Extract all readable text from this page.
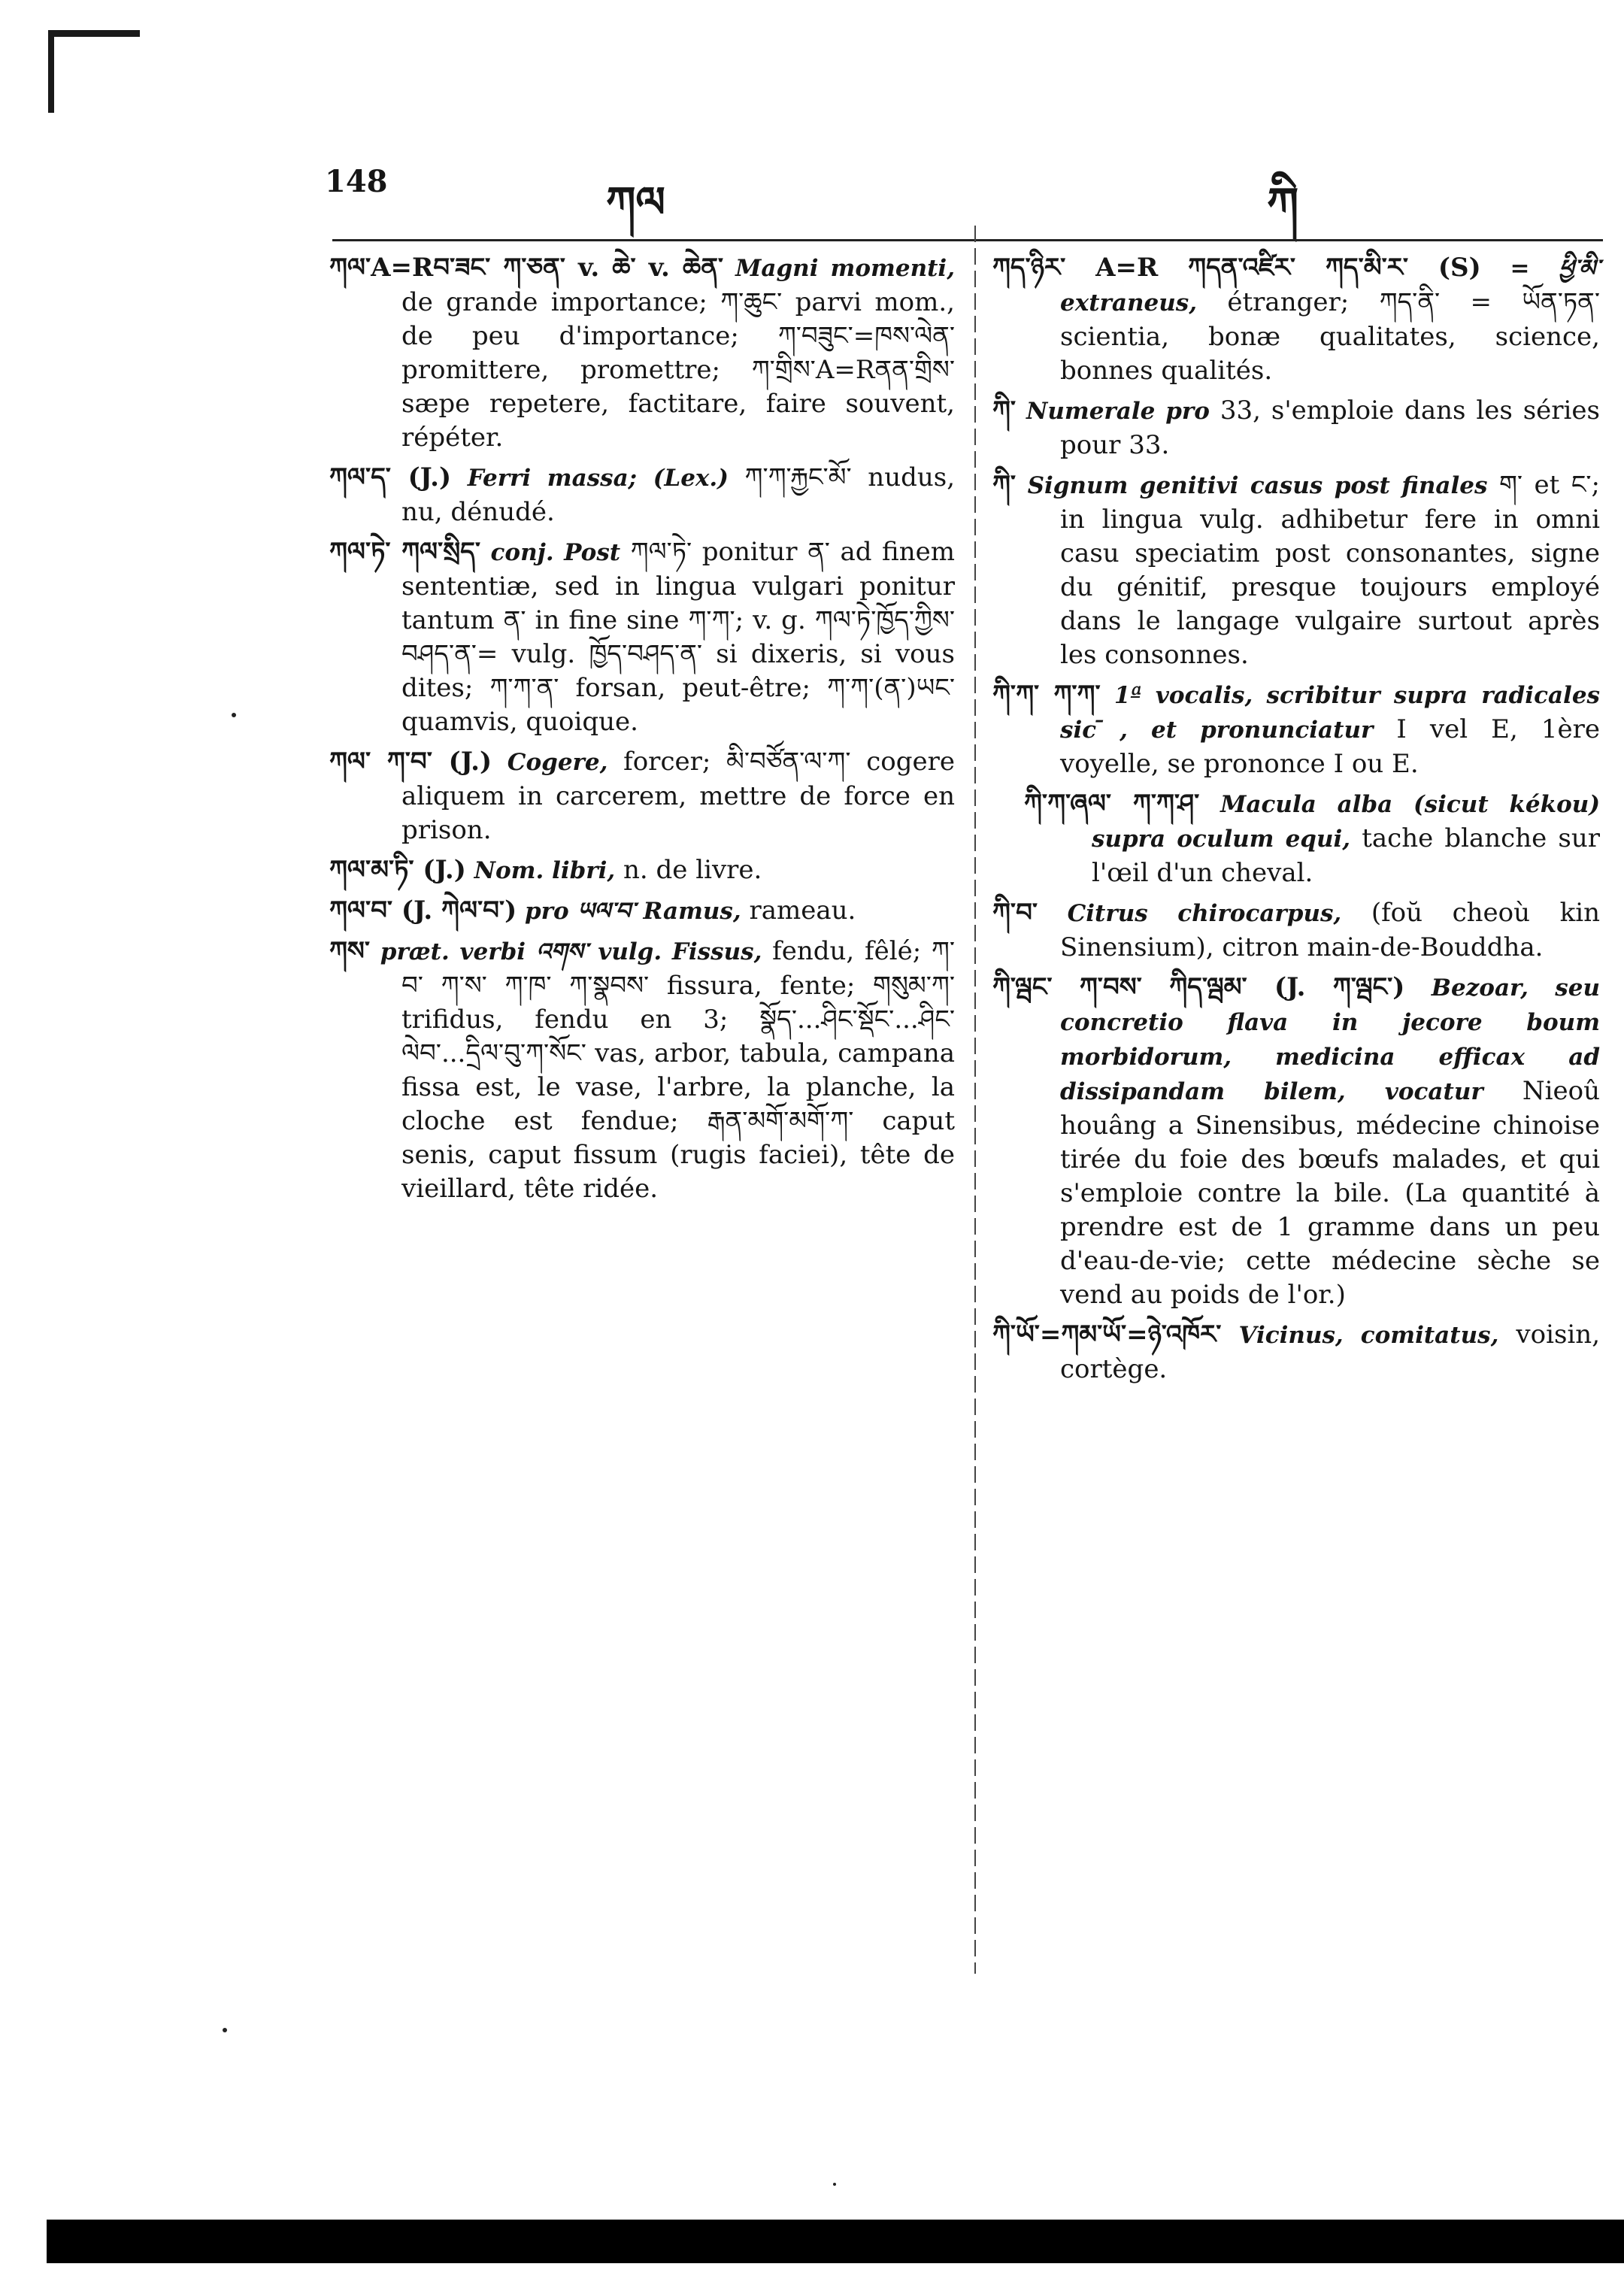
148	ཀལ	ཀི

ཀལ་A=Rབ་ཟང་ ཀ་ཅན་ v. ཆེ་ v. ཆེན་ Magni momenti, de grande importance; ཀ་ཆུང་ parvi mom., de peu d'importance; ཀ་བཟུང་=ཁས་ལེན་ promittere, promettre; ཀ་གྲིས་A=Rནན་གྲིས་ sæpe repetere, factitare, faire souvent, répéter.

ཀལ་ད་ (J.) Ferri massa; (Lex.) ཀ་ཀ་རྐྱང་མོ་ nudus, nu, dénudé.

ཀལ་ཏེ་ ཀལ་སྲིད་ conj. Post ཀལ་ཏེ་ ponitur ན་ ad finem sententiæ, sed in lingua vulgari ponitur tantum ན་ in fine sine ཀ་ཀ་; v. g. ཀལ་ཏེ་ཁྱོད་ཀྱིས་བཤད་ན་= vulg. ཁྱོད་བཤད་ན་ si dixeris, si vous dites; ཀ་ཀ་ན་ forsan, peut-être; ཀ་ཀ་(ན་)ཡང་ quamvis, quoique.

ཀལ་ ཀ་བ་ (J.) Cogere, forcer; མི་བཙོན་ལ་ཀ་ cogere aliquem in carcerem, mettre de force en prison.

ཀལ་མ་ཏི་ (J.) Nom. libri, n. de livre.

ཀལ་བ་ (J. ཀེལ་བ་) pro ཡལ་བ་ Ramus, rameau.

ཀས་ præt. verbi འགས་ vulg. Fissus, fendu, fêlé; ཀ་བ་ ཀ་ས་ ཀ་ཁ་ ཀ་སྣབས་ fissura, fente; གསུམ་ཀ་ trifidus, fendu en 3; སྣོད་...ཤིང་སྡོང་...ཤིང་ལེབ་...དྲིལ་བུ་ཀ་སོང་ vas, arbor, tabula, campana fissa est, le vase, l'arbre, la planche, la cloche est fendue; རྒན་མགོ་མགོ་ཀ་ caput senis, caput fissum (rugis faciei), tête de vieillard, tête ridée.

ཀད་ཉིར་ A=R ཀདན་འཛིར་ ཀད་མི་ར་ (S) = ཕྱི་མི་ extraneus, étranger; ཀད་ནི་ = ཡོན་ཏན་ scientia, bonæ qualitates, science, bonnes qualités.

ཀི་ Numerale pro 33, s'emploie dans les séries pour 33.

ཀི་ Signum genitivi casus post finales ག་ et ང་; in lingua vulg. adhibetur fere in omni casu speciatim post consonantes, signe du génitif, presque toujours employé dans le langage vulgaire surtout après les consonnes.

ཀི་ཀ་ ཀ་ཀ་ 1ª vocalis, scribitur supra radicales sic ̄, et pronunciatur I vel E, 1ère voyelle, se prononce I ou E.

ཀི་ཀ་ཞལ་ ཀ་ཀ་ཤ་ Macula alba (sicut kékou) supra oculum equi, tache blanche sur l'œil d'un cheval.

ཀི་བ་ Citrus chirocarpus, (foŭ cheoù kin Sinensium), citron main-de-Bouddha.

ཀི་ལྦང་ ཀ་བས་ ཀིད་ལྦམ་ (J. ཀ་ལྦང་) Bezoar, seu concretio flava in jecore boum morbidorum, medicina efficax ad dissipandam bilem, vocatur Nieoû houâng a Sinensibus, médecine chinoise tirée du foie des bœufs malades, et qui s'emploie contre la bile. (La quantité à prendre est de 1 gramme dans un peu d'eau-de-vie; cette médecine sèche se vend au poids de l'or.)

ཀི་ཡོ་=ཀམ་ཡོ་=ཉེ་འཁོར་ Vicinus, comitatus, voisin, cortège.
